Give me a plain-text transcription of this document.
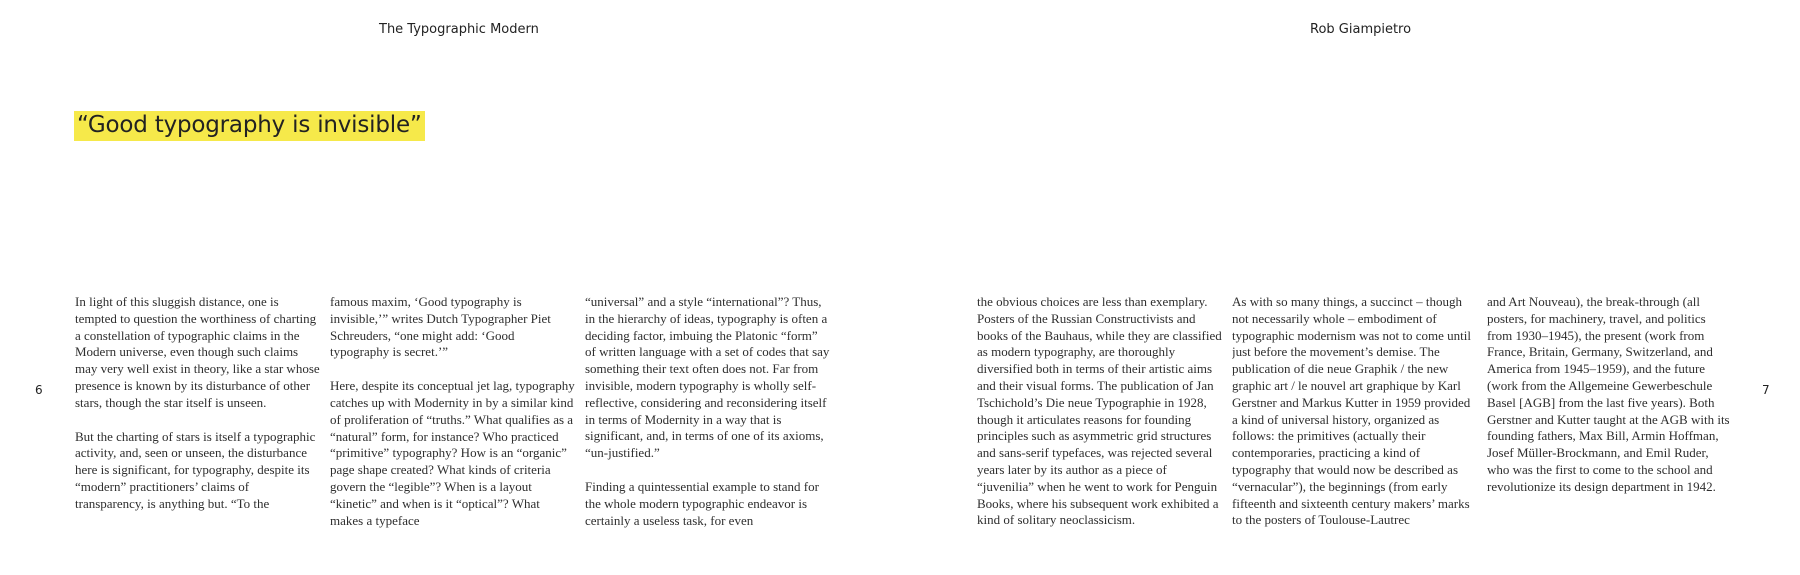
The Typographic Modern	Rob Giampietro
“Good typography is invisible”
6	7

In light of this sluggish distance, one is tempted to question the worthiness of charting a constellation of typographic claims in the Modern universe, even though such claims may very well exist in theory, like a star whose presence is known by its disturbance of other stars, though the star itself is unseen.

But the charting of stars is itself a typographic activity, and, seen or unseen, the disturbance here is significant, for typography, despite its “modern” practitioners’ claims of transparency, is anything but. “To the

famous maxim, ‘Good typography is invisible,’” writes Dutch Typographer Piet Schreuders, “one might add: ‘Good typography is secret.’”

Here, despite its conceptual jet lag, typography catches up with Modernity in by a similar kind of proliferation of “truths.” What qualifies as a “natural” form, for instance? Who practiced “primitive” typography? How is an “organic” page shape created? What kinds of criteria govern the “legible”? When is a layout “kinetic” and when is it “optical”? What makes a typeface

“universal” and a style “international”? Thus, in the hierarchy of ideas, typography is often a deciding factor, imbuing the Platonic “form” of written language with a set of codes that say something their text often does not. Far from invisible, modern typography is wholly self-reflective, considering and reconsidering itself in terms of Modernity in a way that is significant, and, in terms of one of its axioms, “un-justified.”

Finding a quintessential example to stand for the whole modern typographic endeavor is certainly a useless task, for even

the obvious choices are less than exemplary. Posters of the Russian Constructivists and books of the Bauhaus, while they are classified as modern typography, are thoroughly diversified both in terms of their artistic aims and their visual forms. The publication of Jan Tschichold’s Die neue Typographie in 1928, though it articulates reasons for founding principles such as asymmetric grid structures and sans-serif typefaces, was rejected several years later by its author as a piece of “juvenilia” when he went to work for Penguin Books, where his subsequent work exhibited a kind of solitary neoclassicism.

As with so many things, a succinct – though not necessarily whole – embodiment of typographic modernism was not to come until just before the movement’s demise. The publication of die neue Graphik / the new graphic art / le nouvel art graphique by Karl Gerstner and Markus Kutter in 1959 provided a kind of universal history, organized as follows: the primitives (actually their contemporaries, practicing a kind of typography that would now be described as “vernacular”), the beginnings (from early fifteenth and sixteenth century makers’ marks to the posters of Toulouse-Lautrec

and Art Nouveau), the break-through (all posters, for machinery, travel, and politics from 1930–1945), the present (work from France, Britain, Germany, Switzerland, and America from 1945–1959), and the future (work from the Allgemeine Gewerbeschule Basel [AGB] from the last five years). Both Gerstner and Kutter taught at the AGB with its founding fathers, Max Bill, Armin Hoffman, Josef Müller-Brockmann, and Emil Ruder, who was the first to come to the school and revolutionize its design department in 1942.
